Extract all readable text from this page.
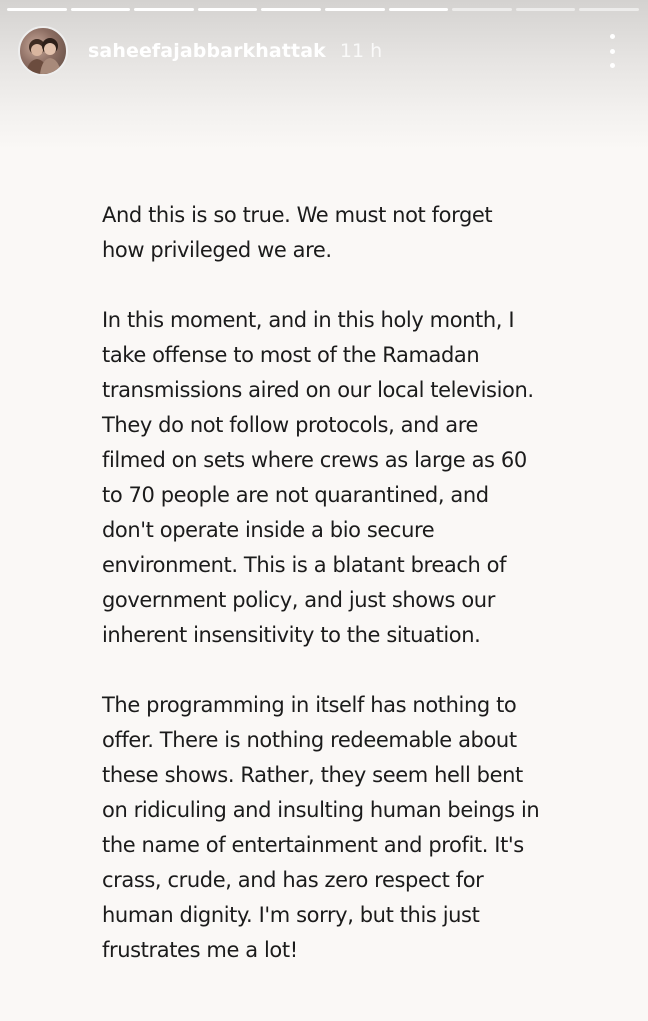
saheefajabbarkhattak 11 h

And this is so true. We must not forget
how privileged we are.

In this moment, and in this holy month, I
take offense to most of the Ramadan
transmissions aired on our local television.
They do not follow protocols, and are
filmed on sets where crews as large as 60
to 70 people are not quarantined, and
don't operate inside a bio secure
environment. This is a blatant breach of
government policy, and just shows our
inherent insensitivity to the situation.

The programming in itself has nothing to
offer. There is nothing redeemable about
these shows. Rather, they seem hell bent
on ridiculing and insulting human beings in
the name of entertainment and profit. It's
crass, crude, and has zero respect for
human dignity. I'm sorry, but this just
frustrates me a lot!
